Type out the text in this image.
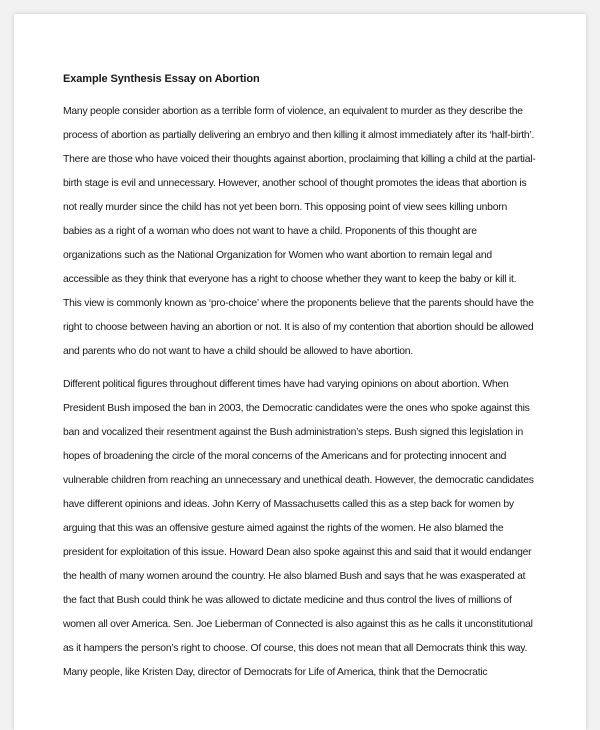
Example Synthesis Essay on Abortion

Many people consider abortion as a terrible form of violence, an equivalent to murder as they describe the
process of abortion as partially delivering an embryo and then killing it almost immediately after its ‘half-birth’.
There are those who have voiced their thoughts against abortion, proclaiming that killing a child at the partial-
birth stage is evil and unnecessary. However, another school of thought promotes the ideas that abortion is
not really murder since the child has not yet been born. This opposing point of view sees killing unborn
babies as a right of a woman who does not want to have a child. Proponents of this thought are
organizations such as the National Organization for Women who want abortion to remain legal and
accessible as they think that everyone has a right to choose whether they want to keep the baby or kill it.
This view is commonly known as ‘pro-choice’ where the proponents believe that the parents should have the
right to choose between having an abortion or not. It is also of my contention that abortion should be allowed
and parents who do not want to have a child should be allowed to have abortion.

Different political figures throughout different times have had varying opinions on about abortion. When
President Bush imposed the ban in 2003, the Democratic candidates were the ones who spoke against this
ban and vocalized their resentment against the Bush administration’s steps. Bush signed this legislation in
hopes of broadening the circle of the moral concerns of the Americans and for protecting innocent and
vulnerable children from reaching an unnecessary and unethical death. However, the democratic candidates
have different opinions and ideas. John Kerry of Massachusetts called this as a step back for women by
arguing that this was an offensive gesture aimed against the rights of the women. He also blamed the
president for exploitation of this issue. Howard Dean also spoke against this and said that it would endanger
the health of many women around the country. He also blamed Bush and says that he was exasperated at
the fact that Bush could think he was allowed to dictate medicine and thus control the lives of millions of
women all over America. Sen. Joe Lieberman of Connected is also against this as he calls it unconstitutional
as it hampers the person’s right to choose. Of course, this does not mean that all Democrats think this way.
Many people, like Kristen Day, director of Democrats for Life of America, think that the Democratic
